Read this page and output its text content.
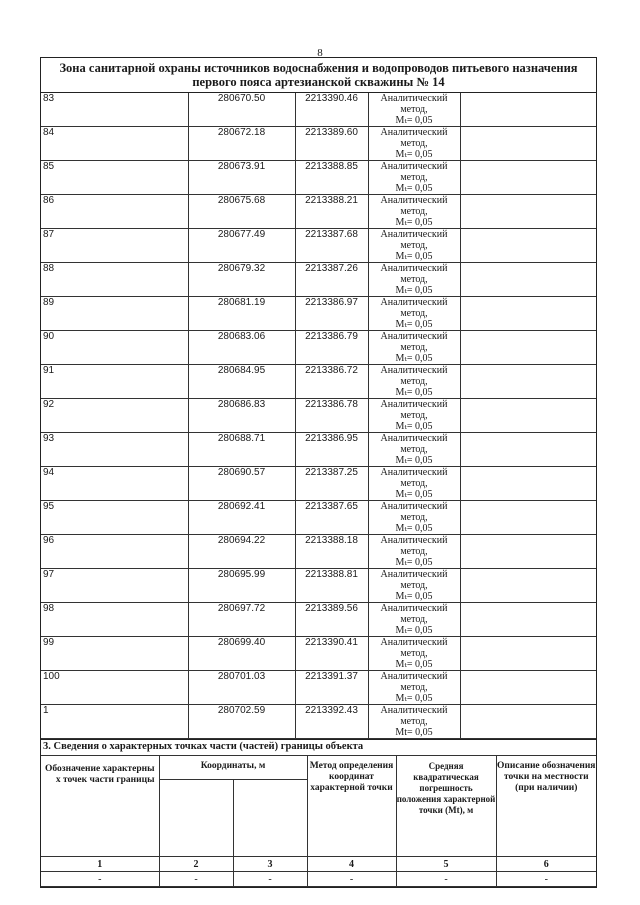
8
Зона санитарной охраны источников водоснабжения и водопроводов питьевого назначения первого пояса артезианской скважины № 14
83	280670.50	2213390.46	Аналитический метод,
Мₜ= 0,05	

84	280672.18	2213389.60	Аналитический метод,
Мₜ= 0,05	

85	280673.91	2213388.85	Аналитический метод,
Мₜ= 0,05	

86	280675.68	2213388.21	Аналитический метод,
Мₜ= 0,05	

87	280677.49	2213387.68	Аналитический метод,
Мₜ= 0,05	

88	280679.32	2213387.26	Аналитический метод,
Мₜ= 0,05	

89	280681.19	2213386.97	Аналитический метод,
Мₜ= 0,05	

90	280683.06	2213386.79	Аналитический метод,
Мₜ= 0,05	

91	280684.95	2213386.72	Аналитический метод,
Мₜ= 0,05	

92	280686.83	2213386.78	Аналитический метод,
Мₜ= 0,05	

93	280688.71	2213386.95	Аналитический метод,
Мₜ= 0,05	

94	280690.57	2213387.25	Аналитический метод,
Мₜ= 0,05	

95	280692.41	2213387.65	Аналитический метод,
Мₜ= 0,05	

96	280694.22	2213388.18	Аналитический метод,
Мₜ= 0,05	

97	280695.99	2213388.81	Аналитический метод,
Мₜ= 0,05	

98	280697.72	2213389.56	Аналитический метод,
Мₜ= 0,05	

99	280699.40	2213390.41	Аналитический метод,
Мₜ= 0,05	

100	280701.03	2213391.37	Аналитический метод,
Мₜ= 0,05	

1	280702.59	2213392.43	Аналитический метод,
Мt= 0,05	

3. Сведения о характерных точках части (частей) границы объекта
Обозначение характерны х точек части границы	Координаты, м		Метод определения координат характерной точки	Средняя квадратическая погрешность положения характерной точки (Mt), м	Описание обозначения точки на местности (при наличии)

1	2	3	4	5	6
-	-	-	-	-	-
